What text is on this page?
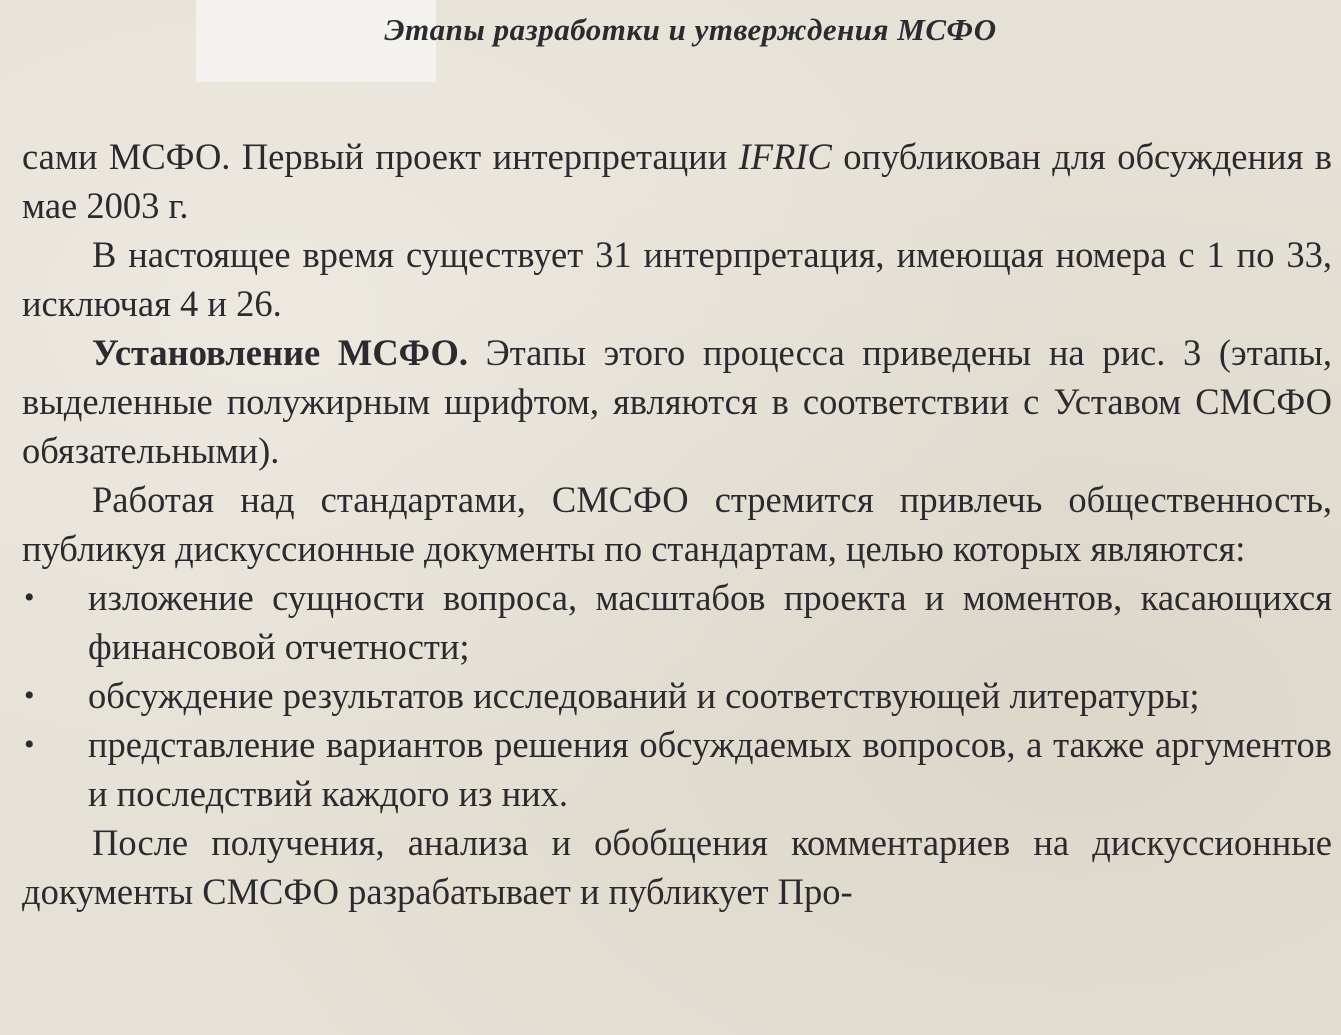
Этапы разработки и утверждения МСФО

сами МСФО. Первый проект интерпретации IFRIC опубликован для обсуждения в мае 2003 г.

В настоящее время существует 31 интерпретация, имеющая номера с 1 по 33, исключая 4 и 26.

Установление МСФО. Этапы этого процесса приведены на рис. 3 (этапы, выделенные полужирным шрифтом, являются в соответствии с Уставом СМСФО обязательными).

Работая над стандартами, СМСФО стремится привлечь общественность, публикуя дискуссионные документы по стандартам, целью которых являются:

• изложение сущности вопроса, масштабов проекта и моментов, касающихся финансовой отчетности;
• обсуждение результатов исследований и соответствующей литературы;
• представление вариантов решения обсуждаемых вопросов, а также аргументов и последствий каждого из них.

После получения, анализа и обобщения комментариев на дискуссионные документы СМСФО разрабатывает и публикует Про-
